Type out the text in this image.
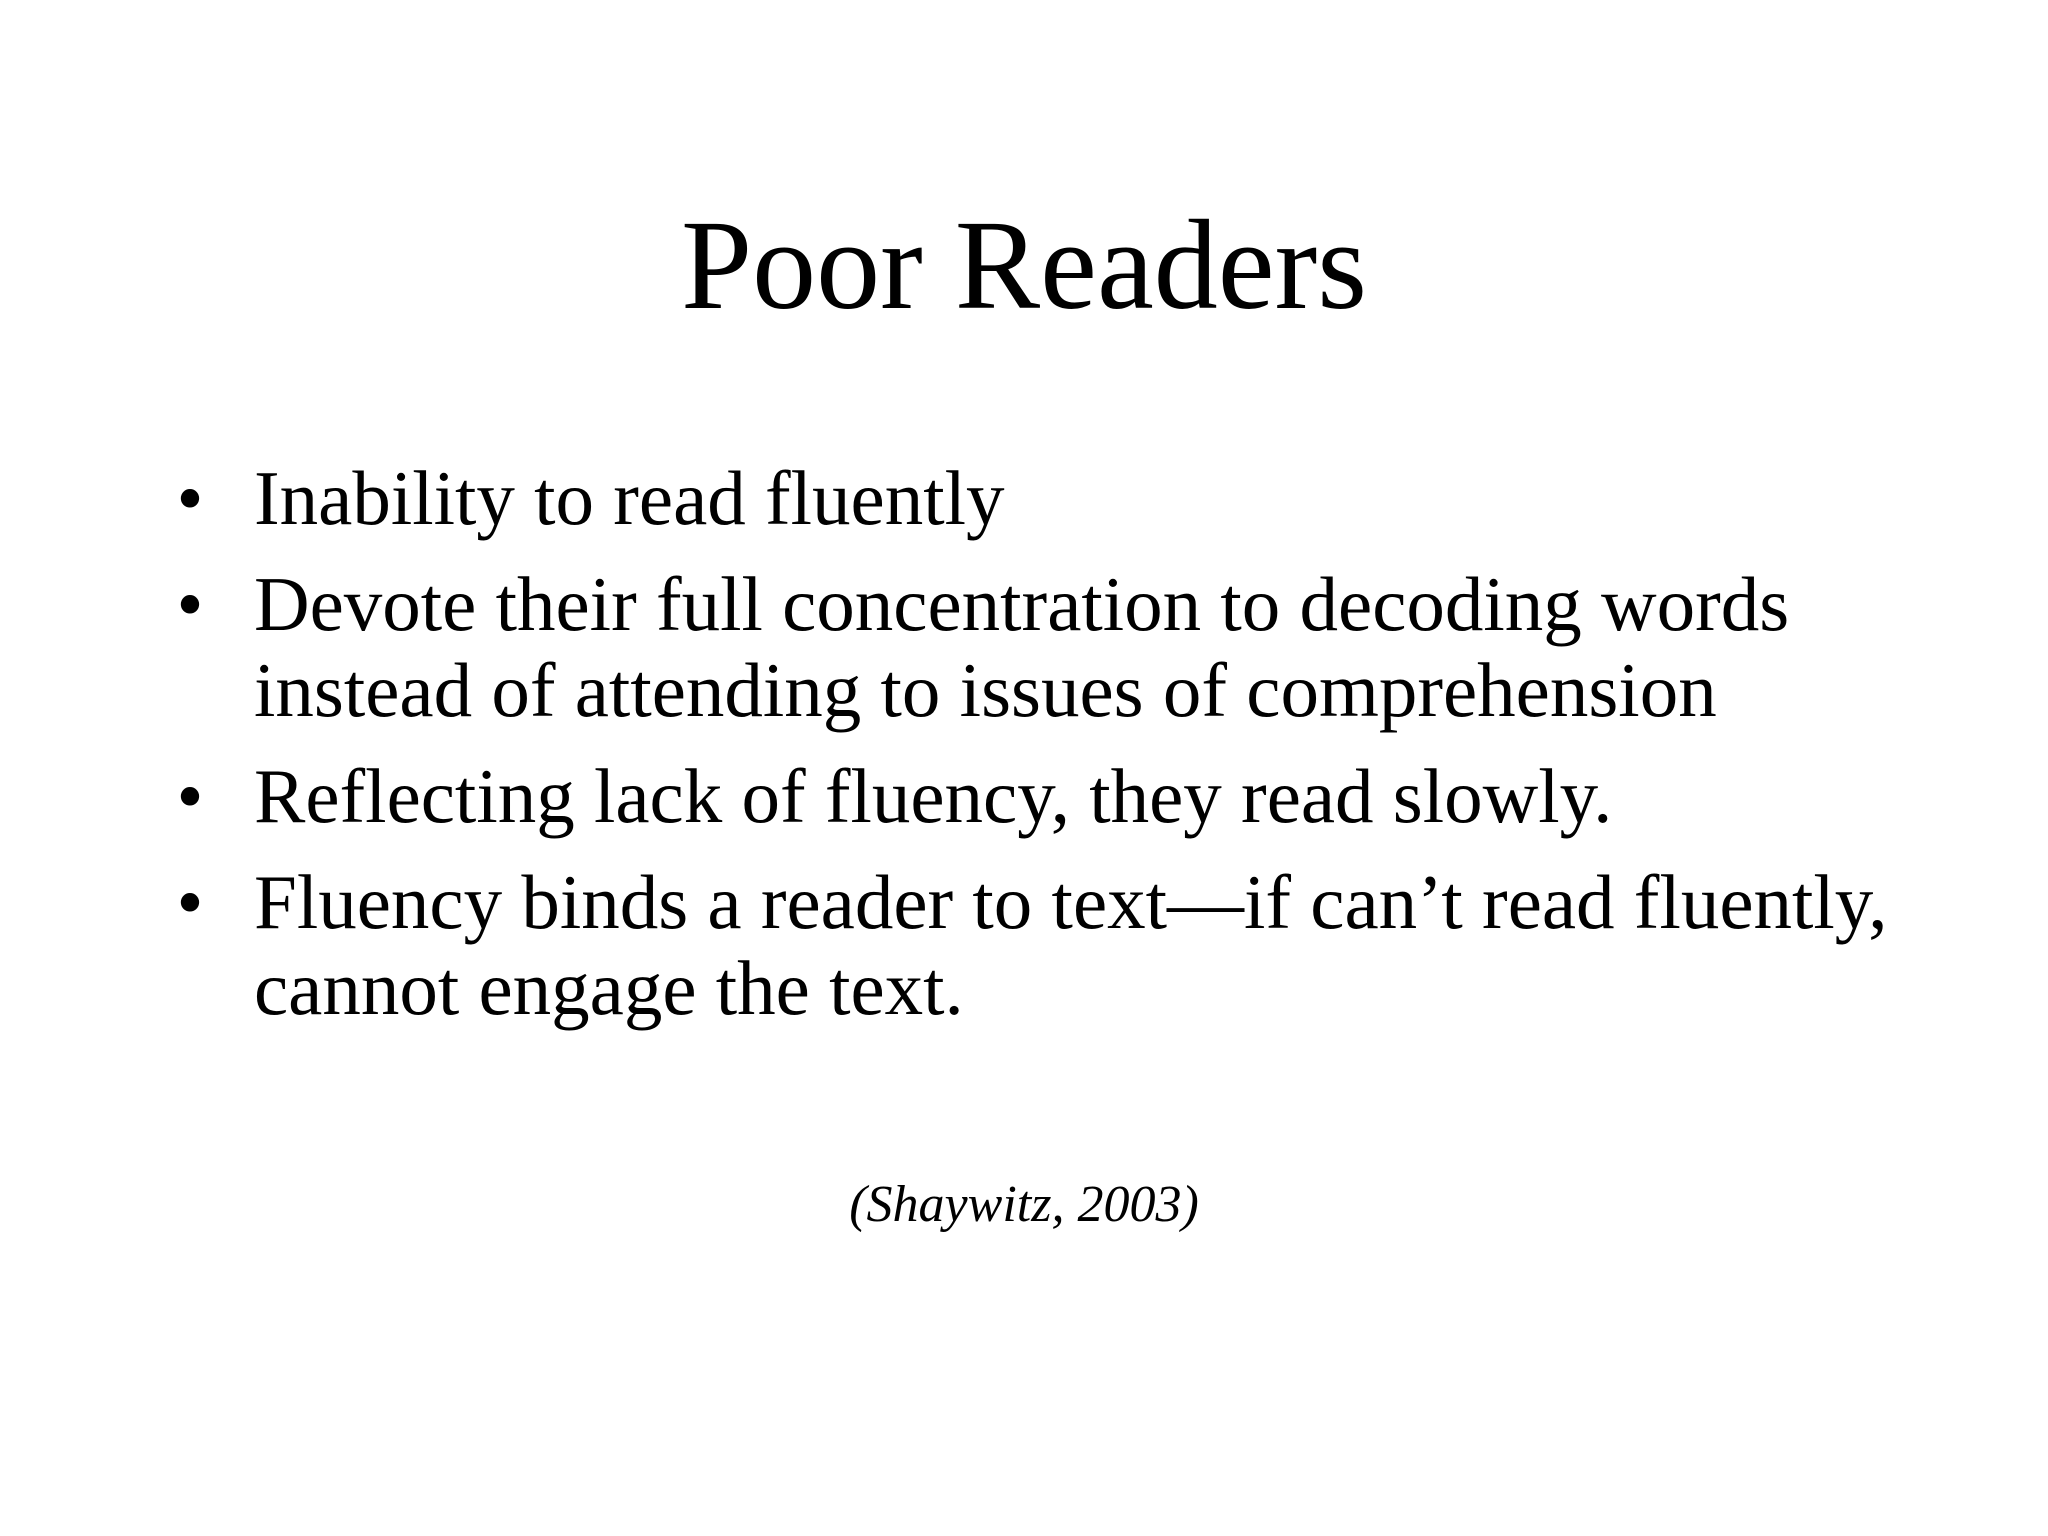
Poor Readers
• Inability to read fluently
• Devote their full concentration to decoding words instead of attending to issues of comprehension
• Reflecting lack of fluency, they read slowly.
• Fluency binds a reader to text—if can’t read fluently, cannot engage the text.
(Shaywitz, 2003)
